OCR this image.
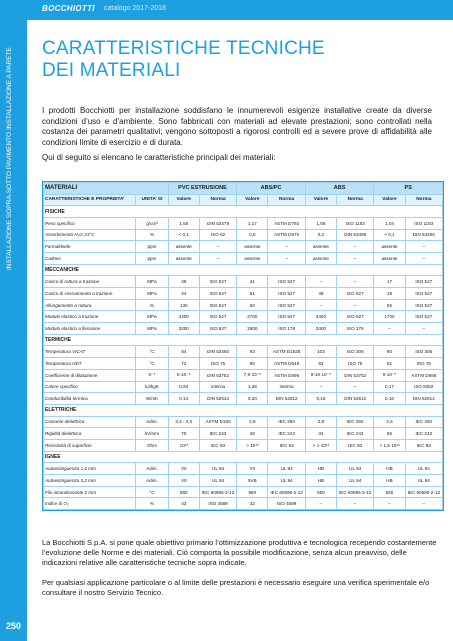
BOCCHIOTTI catalogo 2017-2018
INSTALLAZIONE A PARETE
INSTALLAZIONE SOPRA-SOTTO PAVIMENTO
250
CARATTERISTICHE TECNICHE
DEI MATERIALI
I prodotti Bocchiotti per installazione soddisfano le innumerevoli esigenze installative create da diverse condizioni d’uso e d’ambiente. Sono fabbricati con materiali ad elevate prestazioni; sono controllati nella costanza dei parametri qualitativi; vengono sottoposti a rigorosi controlli ed a severe prove di affidabilità alle condizioni limite di esercizio e di durata.
Qui di seguito si elencano le caratteristiche principali dei materiali:
MATERIALI		PVC ESTRUSIONE		ABS/PC		ABS		PS	
CARATTERISTICHE E PROPRIETA’	UNITA’ SI	Valore	Norma	Valore	Norma	Valore	Norma	Valore	Norma
FISICHE									
Peso specifico	g/cm³	1,55	DIN 53479	1,17	ASTM D792	1,06	ISO 1183	1,04	ISO 1183
Assorbimento H₂O 23°C	%	< 0,1	ISO 62	0,6	ASTM D570	0,2	DIN 53495	< 0,1	DIN 53495
Formaldeide	ppm	assente	–	assente	–	assente	–	assente	–
Cadmio	ppm	assente	–	assente	–	assente	–	assente	–
MECCANICHE									
Carico di rottura a trazione	MPa	39	ISO 527	41	ISO 527	–	–	17	ISO 527
Carico di snervamento a trazione	MPa	44	ISO 527	51	ISO 527	49	ISO 527	18	ISO 527
Allungamento a rottura	%	130	ISO 527	50	ISO 527	–	–	55	ISO 527
Modulo elastico a trazione	MPa	4400	ISO 527	2700	ISO 527	3400	ISO 527	1700	ISO 527
Modulo elastico a flessione	MPa	3200	ISO 527	2600	ISO 178	3400	ISO 178	–	–
TERMICHE									
Temperatura VICAT	°C	84	DIN 53460	93	ASTM D1525	103	ISO 306	90	ISO 306
Temperatura HDT	°C	72	ISO 75	90	ASTM D648	93	ISO 75	81	ISO 75
Coefficiente di dilatazione	K⁻¹	6·10⁻⁵	DIN 53752	7,9·10⁻⁵	ASTM D696	8-10·10⁻⁵	DIN 53752	9·10⁻⁵	ASTM D696
Calore specifico	kJ/kgK	0,94	interna	1,28	interna	–	–	0,17	ISO 8302
Conducibilità termica	W/mK	0,14	DIN 52612	0,20	DIN 52612	0,16	DIN 52612	0,16	DIN 52612
ELETTRICHE									
Costante dielettrica	Adim.	3,2 - 4,0	ASTM D150	2,8	IEC 250	2,8	IEC 250	2,5	IEC 250
Rigidità dielettrica	kV/mm	70	IEC 243	26	IEC 243	34	IEC 243	65	IEC 243
Resistività di superficie	Ohm	10¹³	IEC 93	> 10¹³	IEC 93	> 1·10¹³	IEC 93	> 1,5·10¹³	IEC 93
IGNEE									
Autoestinguenza 1,6 mm	Adim.	V0	UL 94	V0	UL 94	HB	UL 94	HB	UL 94
Autoestinguenza 3,2 mm	Adim.	V0	UL 94	5VB	UL 94	HB	UL 94	HB	UL 94
Filo incandescente 2 mm	°C	960	IEC 60695-2-12	960	IEC 60695-2-12	650	IEC 60695-2-12	650	IEC 60695-2-12
Indice di O₂	%	43	ISO 4589	32	ISO 4589	–	–	–	–
La Bocchiotti S.p.A. si pone quale obiettivo primario l’ottimizzazione produttiva e tecnologica recependo costantemente l’evoluzione delle Norme e dei materiali. Ciò comporta la possibile modificazione, senza alcun preavviso, delle indicazioni relative alle caratteristiche tecniche sopra indicate.
Per qualsiasi applicazione particolare o al limite delle prestazioni è necessario eseguire una verifica sperimentale e/o consultare il nostro Servizio Tecnico.
